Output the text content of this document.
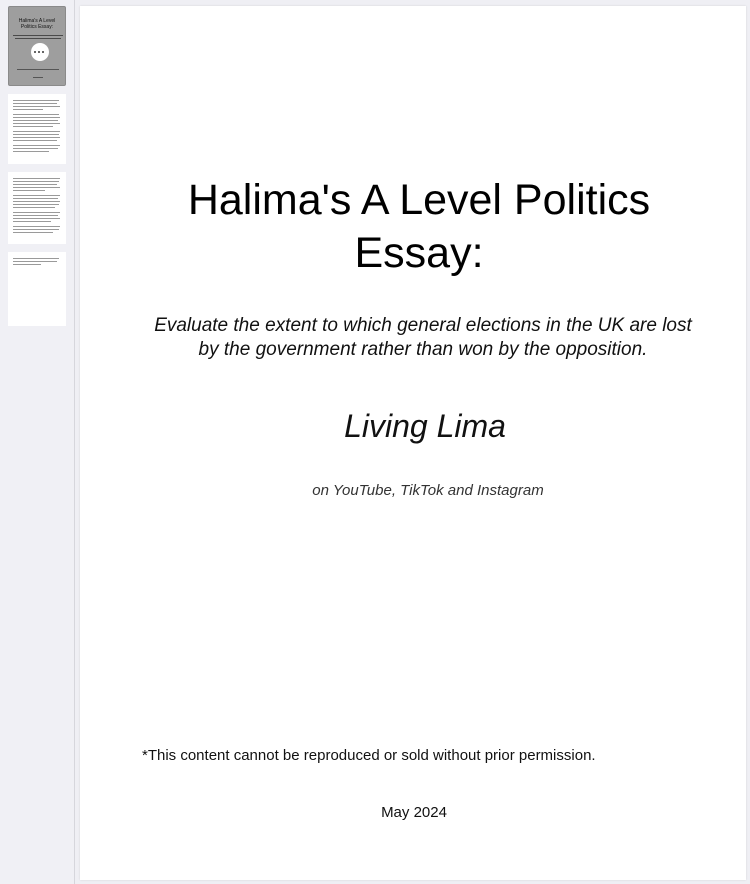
Halima's A Level Politics Essay:
Halima's A Level Politics
Essay:
Evaluate the extent to which general elections in the UK are lost
by the government rather than won by the opposition.
Living Lima
on YouTube, TikTok and Instagram
*This content cannot be reproduced or sold without prior permission.
May 2024
